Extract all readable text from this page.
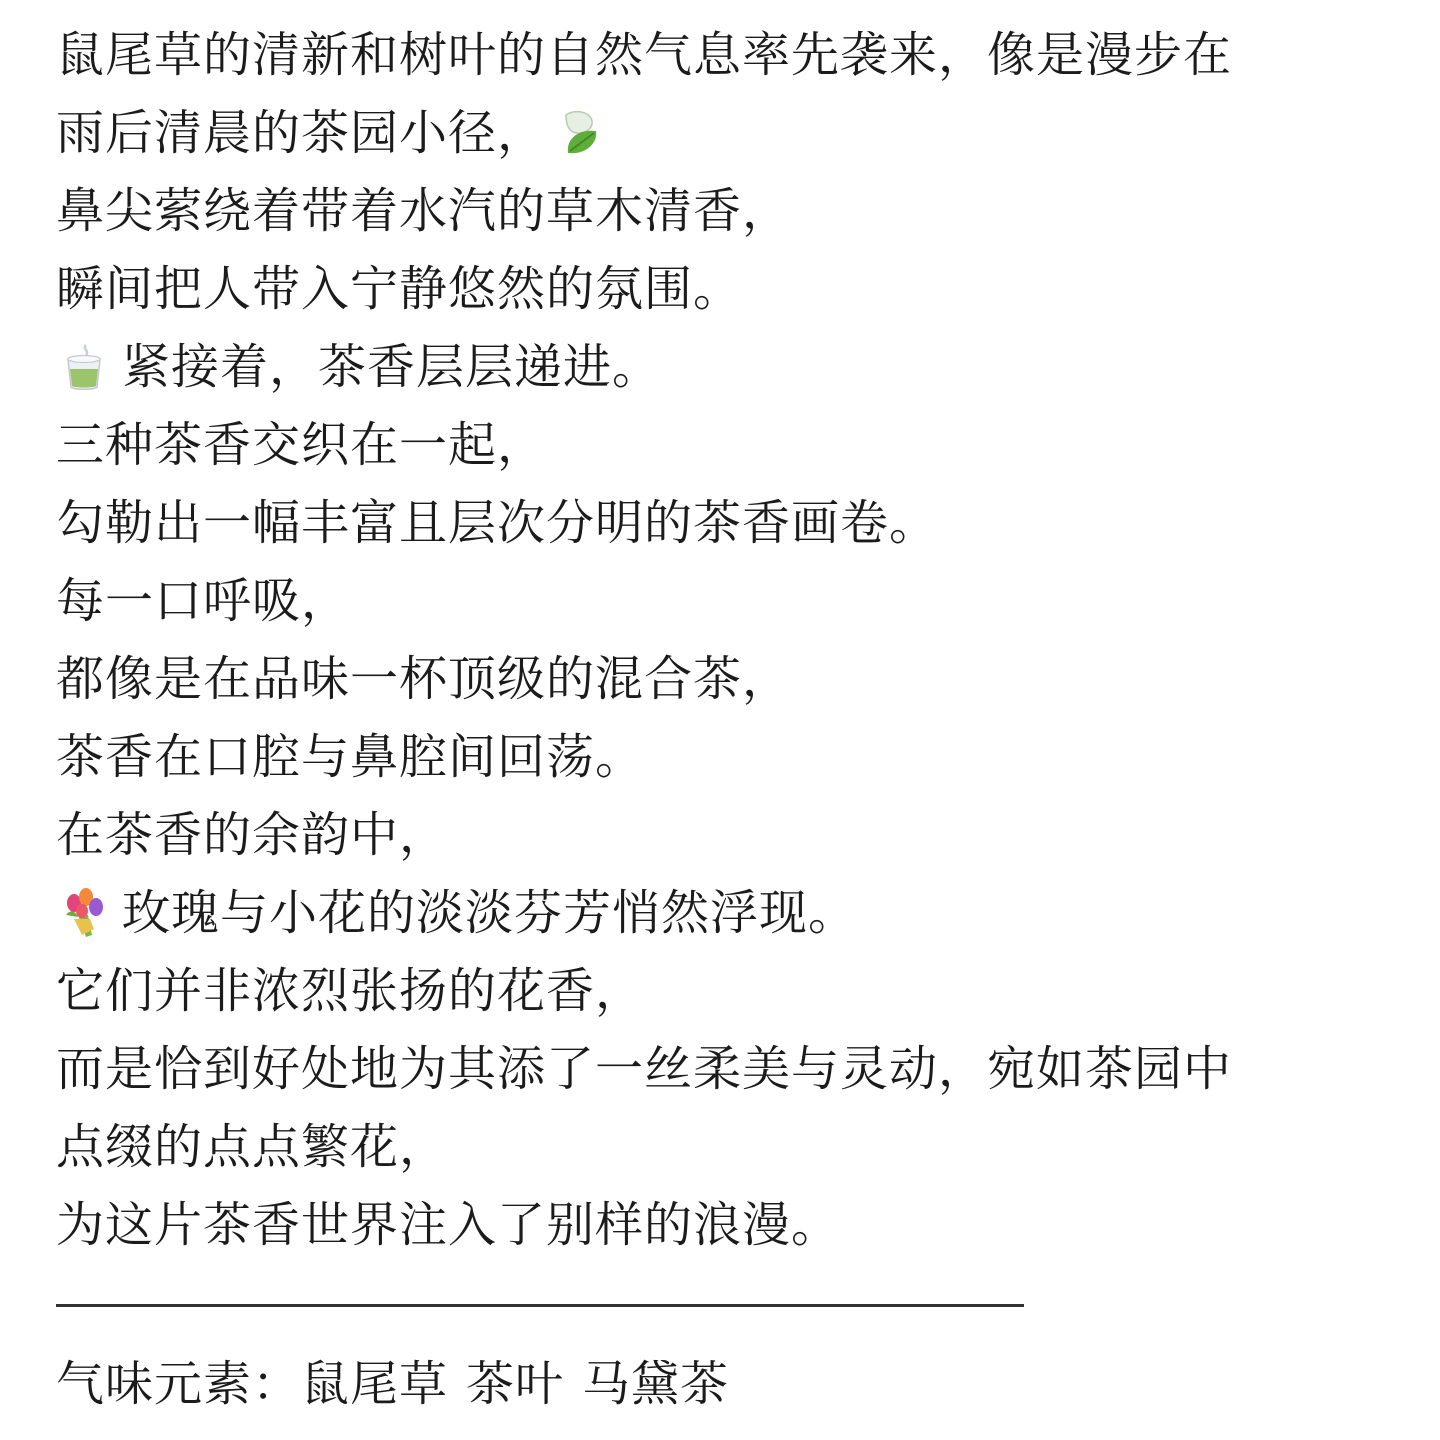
鼠尾草的清新和树叶的自然气息率先袭来，像是漫步在
雨后清晨的茶园小径，
鼻尖萦绕着带着水汽的草木清香，
瞬间把人带入宁静悠然的氛围。
紧接着，茶香层层递进。
三种茶香交织在一起，
勾勒出一幅丰富且层次分明的茶香画卷。
每一口呼吸，
都像是在品味一杯顶级的混合茶，
茶香在口腔与鼻腔间回荡。
在茶香的余韵中，
玫瑰与小花的淡淡芬芳悄然浮现。
它们并非浓烈张扬的花香，
而是恰到好处地为其添了一丝柔美与灵动，宛如茶园中
点缀的点点繁花，
为这片茶香世界注入了别样的浪漫。
气味元素：鼠尾草 茶叶 马黛茶
